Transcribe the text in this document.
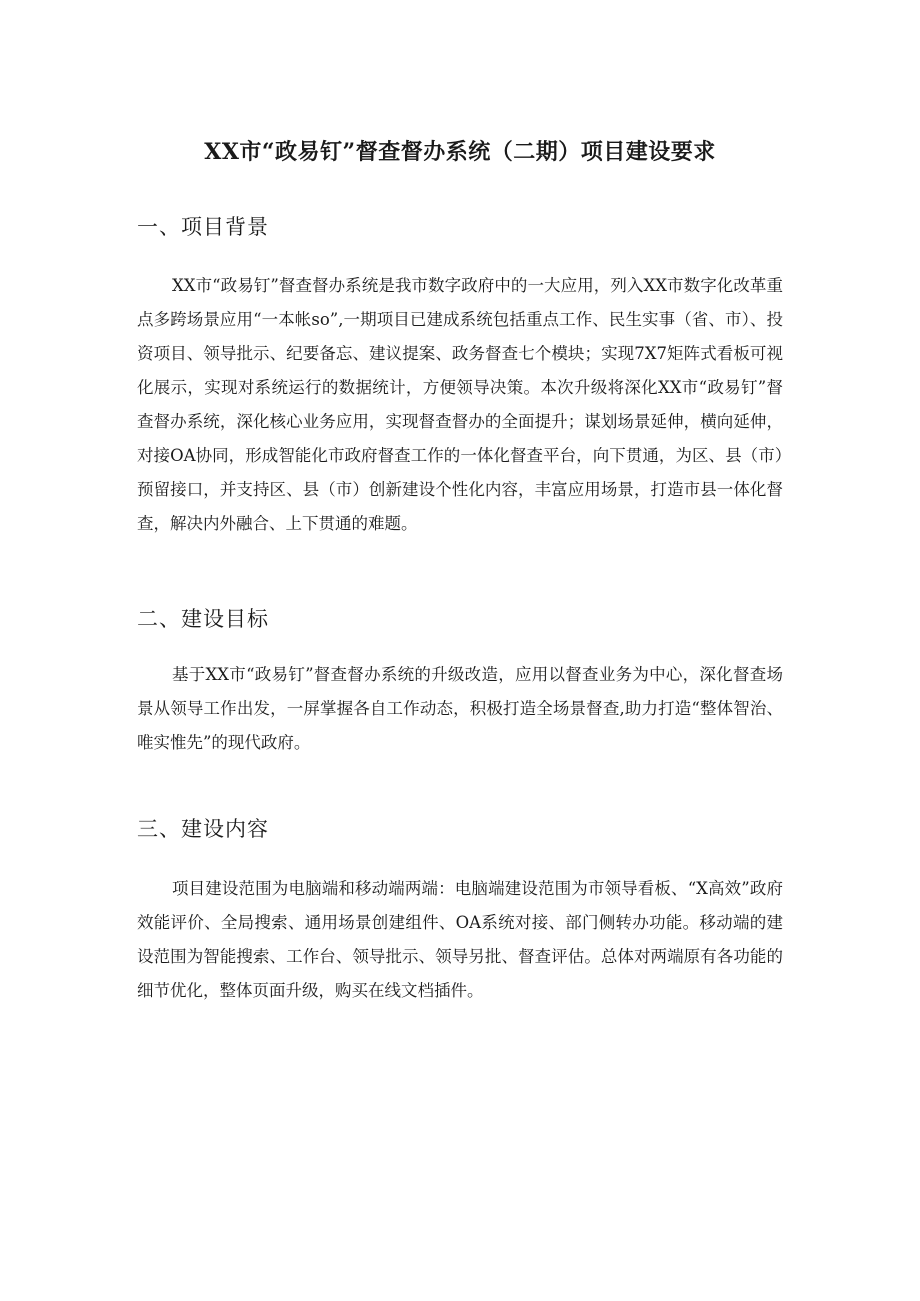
XX市“政易钉”督查督办系统（二期）项目建设要求
一、项目背景

XX市“政易钉”督查督办系统是我市数字政府中的一大应用，列入XX市数字化改革重点多跨场景应用“一本帐so”,一期项目已建成系统包括重点工作、民生实事（省、市）、投资项目、领导批示、纪要备忘、建议提案、政务督查七个模块；实现7X7矩阵式看板可视化展示，实现对系统运行的数据统计，方便领导决策。本次升级将深化XX市“政易钉”督查督办系统，深化核心业务应用，实现督查督办的全面提升；谋划场景延伸，横向延伸，对接OA协同，形成智能化市政府督查工作的一体化督查平台，向下贯通，为区、县（市）预留接口，并支持区、县（市）创新建设个性化内容，丰富应用场景，打造市县一体化督查，解决内外融合、上下贯通的难题。

二、建设目标

基于XX市“政易钉”督查督办系统的升级改造，应用以督查业务为中心，深化督查场景从领导工作出发，一屏掌握各自工作动态，积极打造全场景督查,助力打造“整体智治、唯实惟先”的现代政府。

三、建设内容

项目建设范围为电脑端和移动端两端：电脑端建设范围为市领导看板、“X高效”政府效能评价、全局搜索、通用场景创建组件、OA系统对接、部门侧转办功能。移动端的建设范围为智能搜索、工作台、领导批示、领导另批、督查评估。总体对两端原有各功能的细节优化，整体页面升级，购买在线文档插件。
